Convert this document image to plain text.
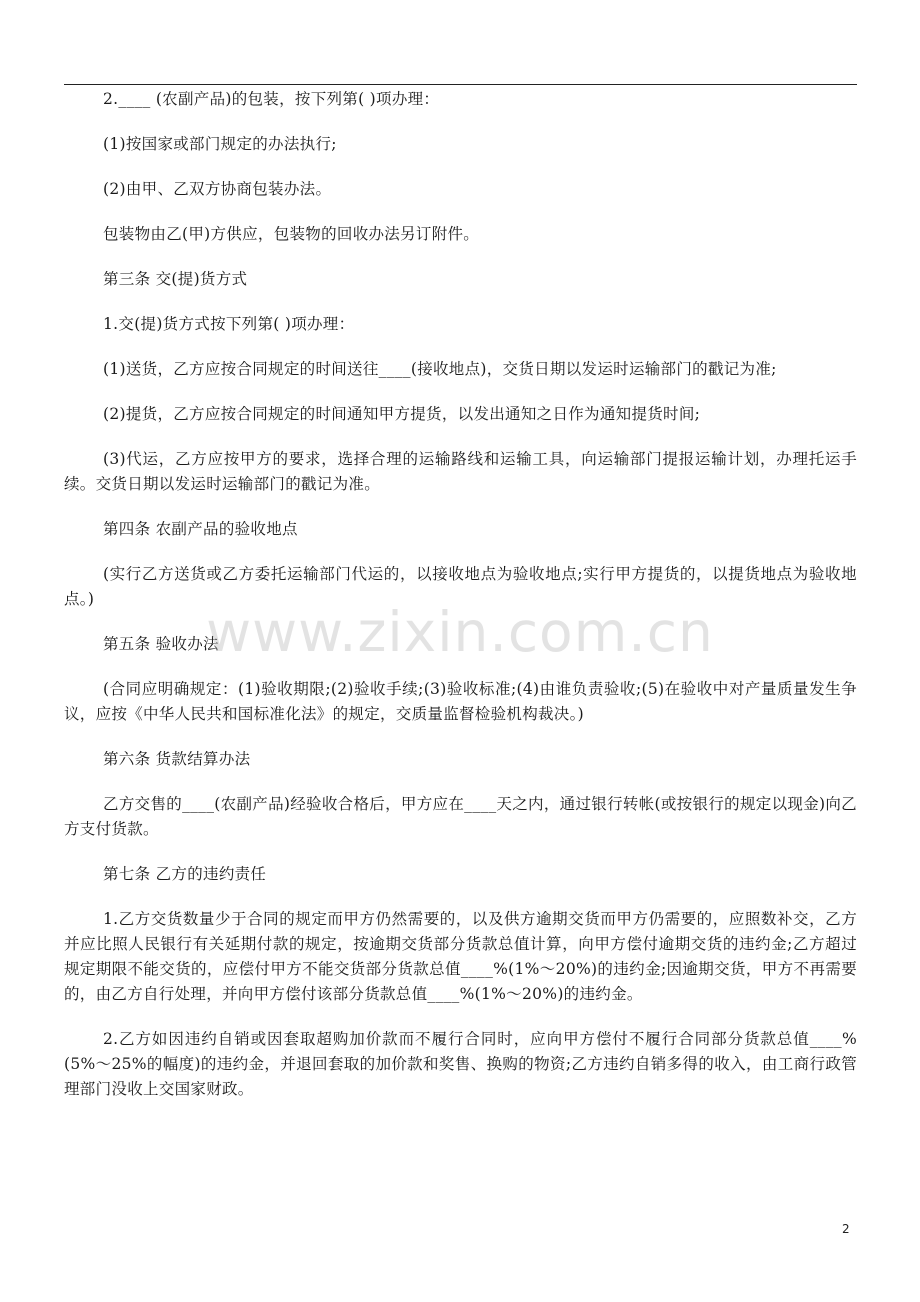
2.____ (农副产品)的包装，按下列第( )项办理：

(1)按国家或部门规定的办法执行;

(2)由甲、乙双方协商包装办法。

包装物由乙(甲)方供应，包装物的回收办法另订附件。

第三条 交(提)货方式

1.交(提)货方式按下列第( )项办理：

(1)送货，乙方应按合同规定的时间送往____(接收地点)，交货日期以发运时运输部门的戳记为准;

(2)提货，乙方应按合同规定的时间通知甲方提货，以发出通知之日作为通知提货时间;

(3)代运，乙方应按甲方的要求，选择合理的运输路线和运输工具，向运输部门提报运输计划，办理托运手续。交货日期以发运时运输部门的戳记为准。

第四条 农副产品的验收地点

(实行乙方送货或乙方委托运输部门代运的，以接收地点为验收地点;实行甲方提货的，以提货地点为验收地点。)

第五条 验收办法

(合同应明确规定：(1)验收期限;(2)验收手续;(3)验收标准;(4)由谁负责验收;(5)在验收中对产量质量发生争议，应按《中华人民共和国标准化法》的规定，交质量监督检验机构裁决。)

第六条 货款结算办法

乙方交售的____(农副产品)经验收合格后，甲方应在____天之内，通过银行转帐(或按银行的规定以现金)向乙方支付货款。

第七条 乙方的违约责任

1.乙方交货数量少于合同的规定而甲方仍然需要的，以及供方逾期交货而甲方仍需要的，应照数补交，乙方并应比照人民银行有关延期付款的规定，按逾期交货部分货款总值计算，向甲方偿付逾期交货的违约金;乙方超过规定期限不能交货的，应偿付甲方不能交货部分货款总值____%(1%～20%)的违约金;因逾期交货，甲方不再需要的，由乙方自行处理，并向甲方偿付该部分货款总值____%(1%～20%)的违约金。

2.乙方如因违约自销或因套取超购加价款而不履行合同时，应向甲方偿付不履行合同部分货款总值____%(5%～25%的幅度)的违约金，并退回套取的加价款和奖售、换购的物资;乙方违约自销多得的收入，由工商行政管理部门没收上交国家财政。

www.zixin.com.cn
2
